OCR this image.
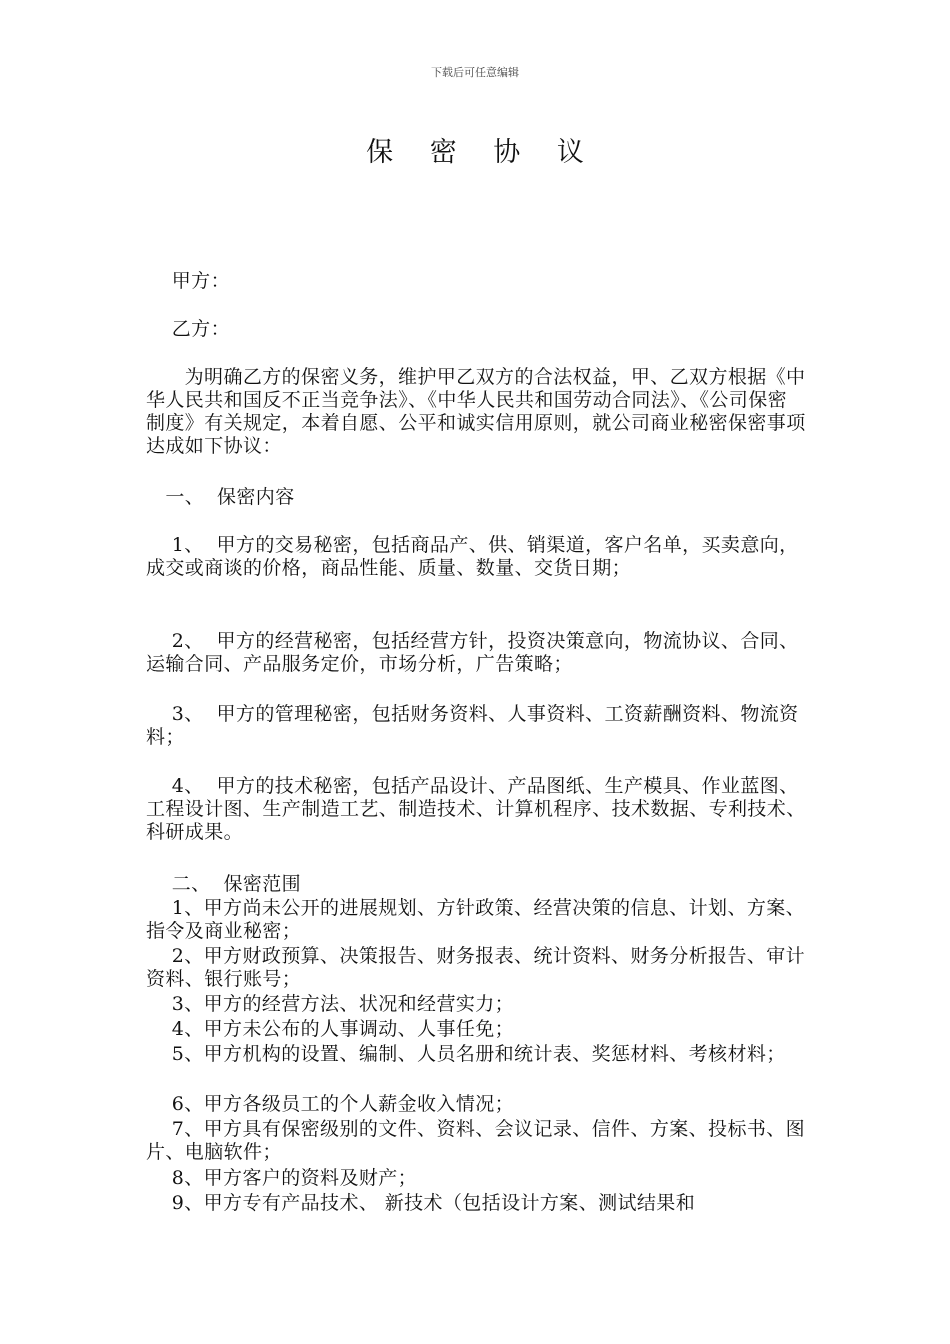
下载后可任意编辑
保 密 协 议

甲方：

乙方：

为明确乙方的保密义务，维护甲乙双方的合法权益，甲、乙双方根据《中华人民共和国反不正当竞争法》、《中华人民共和国劳动合同法》、《公司保密制度》有关规定，本着自愿、公平和诚实信用原则，就公司商业秘密保密事项达成如下协议：

一、  保密内容

1、  甲方的交易秘密，包括商品产、供、销渠道，客户名单，买卖意向，成交或商谈的价格，商品性能、质量、数量、交货日期；

2、  甲方的经营秘密，包括经营方针，投资决策意向，物流协议、合同、运输合同、产品服务定价，市场分析，广告策略；

3、  甲方的管理秘密，包括财务资料、人事资料、工资薪酬资料、物流资料；

4、  甲方的技术秘密，包括产品设计、产品图纸、生产模具、作业蓝图、工程设计图、生产制造工艺、制造技术、计算机程序、技术数据、专利技术、科研成果。

二、  保密范围

1、甲方尚未公开的进展规划、方针政策、经营决策的信息、计划、方案、指令及商业秘密；

2、甲方财政预算、决策报告、财务报表、统计资料、财务分析报告、审计资料、银行账号；

3、甲方的经营方法、状况和经营实力；

4、甲方未公布的人事调动、人事任免；

5、甲方机构的设置、编制、人员名册和统计表、奖惩材料、考核材料；

6、甲方各级员工的个人薪金收入情况；

7、甲方具有保密级别的文件、资料、会议记录、信件、方案、投标书、图片、电脑软件；

8、甲方客户的资料及财产；

9、甲方专有产品技术、 新技术（包括设计方案、测试结果和
